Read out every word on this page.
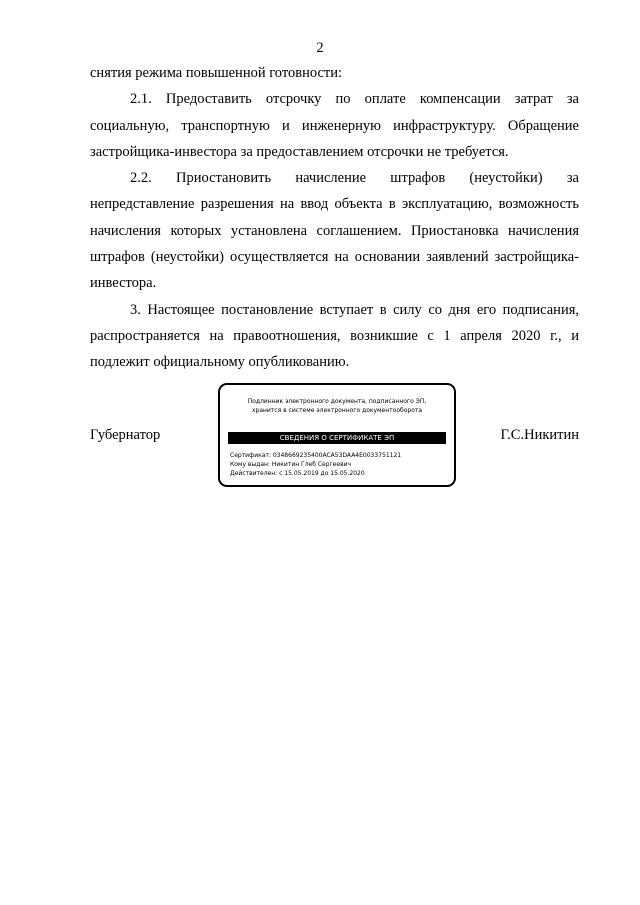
2

снятия режима повышенной готовности:

2.1. Предоставить отсрочку по оплате компенсации затрат за социальную, транспортную и инженерную инфраструктуру. Обращение застройщика-инвестора за предоставлением отсрочки не требуется.

2.2. Приостановить начисление штрафов (неустойки) за непредставление разрешения на ввод объекта в эксплуатацию, возможность начисления которых установлена соглашением. Приостановка начисления штрафов (неустойки) осуществляется на основании заявлений застройщика-инвестора.

3. Настоящее постановление вступает в силу со дня его подписания, распространяется на правоотношения, возникшие с 1 апреля 2020 г., и подлежит официальному опубликованию.

Губернатор
Подлинник электронного документа, подписанного ЭП,
хранится в системе электронного документооборота
СВЕДЕНИЯ О СЕРТИФИКАТЕ ЭП
Сертификат: 0348669235400ACA53DAA4E0033751121
Кому выдан: Никитин Глеб Сергеевич
Действителен: с 15.05.2019 до 15.05.2020
Г.С.Никитин
